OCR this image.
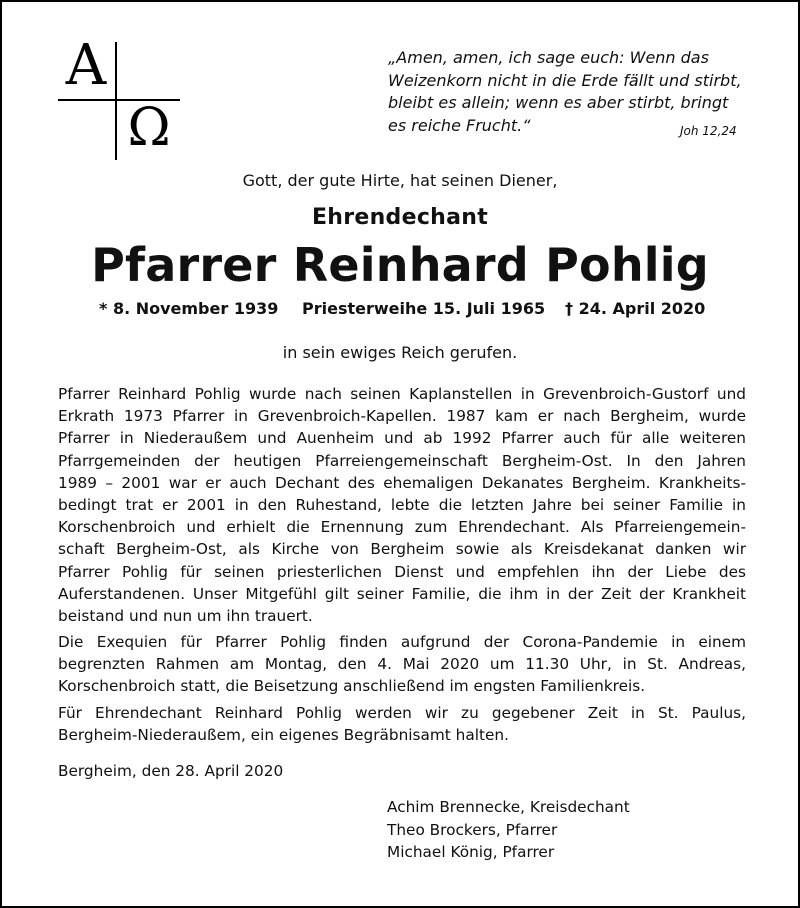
A
Ω
„Amen, amen, ich sage euch: Wenn das
Weizenkorn nicht in die Erde fällt und stirbt,
bleibt es allein; wenn es aber stirbt, bringt
es reiche Frucht.“	Joh 12,24
Gott, der gute Hirte, hat seinen Diener,
Ehrendechant
Pfarrer Reinhard Pohlig
* 8. November 1939 Priesterweihe 15. Juli 1965 † 24. April 2020
in sein ewiges Reich gerufen.
Pfarrer Reinhard Pohlig wurde nach seinen Kaplanstellen in Grevenbroich-Gustorf und
Erkrath 1973 Pfarrer in Grevenbroich-Kapellen. 1987 kam er nach Bergheim, wurde
Pfarrer in Niederaußem und Auenheim und ab 1992 Pfarrer auch für alle weiteren
Pfarrgemeinden der heutigen Pfarreiengemeinschaft Bergheim-Ost. In den Jahren
1989 – 2001 war er auch Dechant des ehemaligen Dekanates Bergheim. Krankheits-
bedingt trat er 2001 in den Ruhestand, lebte die letzten Jahre bei seiner Familie in
Korschenbroich und erhielt die Ernennung zum Ehrendechant. Als Pfarreiengemein-
schaft Bergheim-Ost, als Kirche von Bergheim sowie als Kreisdekanat danken wir
Pfarrer Pohlig für seinen priesterlichen Dienst und empfehlen ihn der Liebe des
Auferstandenen. Unser Mitgefühl gilt seiner Familie, die ihm in der Zeit der Krankheit
beistand und nun um ihn trauert.
Die Exequien für Pfarrer Pohlig finden aufgrund der Corona-Pandemie in einem
begrenzten Rahmen am Montag, den 4. Mai 2020 um 11.30 Uhr, in St. Andreas,
Korschenbroich statt, die Beisetzung anschließend im engsten Familienkreis.
Für Ehrendechant Reinhard Pohlig werden wir zu gegebener Zeit in St. Paulus,
Bergheim-Niederaußem, ein eigenes Begräbnisamt halten.
Bergheim, den 28. April 2020
Achim Brennecke, Kreisdechant
Theo Brockers, Pfarrer
Michael König, Pfarrer
